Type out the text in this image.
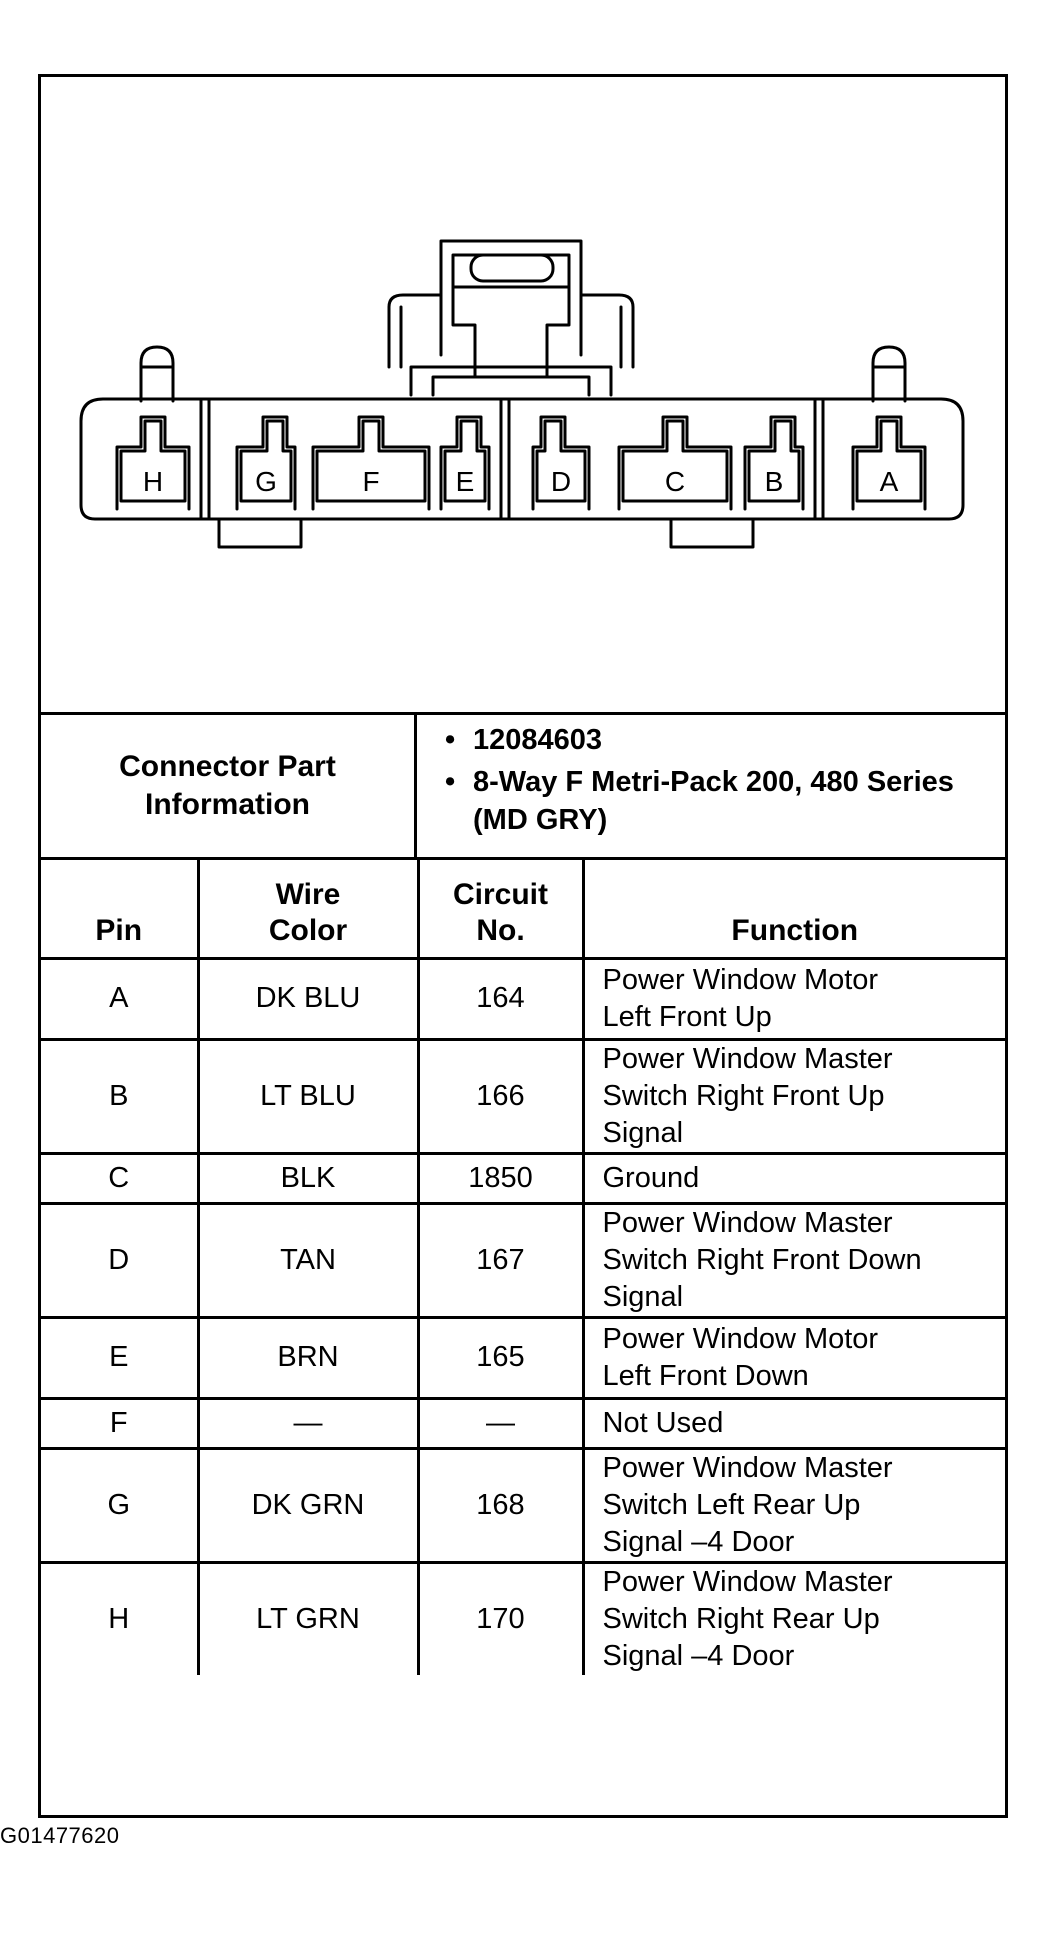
H	G	F	E	D	C	B	A
Connector Part Information
• 12084603
• 8-Way F Metri-Pack 200, 480 Series (MD GRY)
Pin	Wire Color	Circuit No.	Function
A	DK BLU	164	Power Window Motor Left Front Up

B	LT BLU	166	Power Window Master Switch Right Front Up Signal

C	BLK	1850	Ground
D	TAN	167	Power Window Master Switch Right Front Down Signal

E	BRN	165	Power Window Motor Left Front Down

F	—	—	Not Used
G	DK GRN	168	Power Window Master Switch Left Rear Up Signal –4 Door

H	LT GRN	170	Power Window Master Switch Right Rear Up Signal –4 Door
G01477620
